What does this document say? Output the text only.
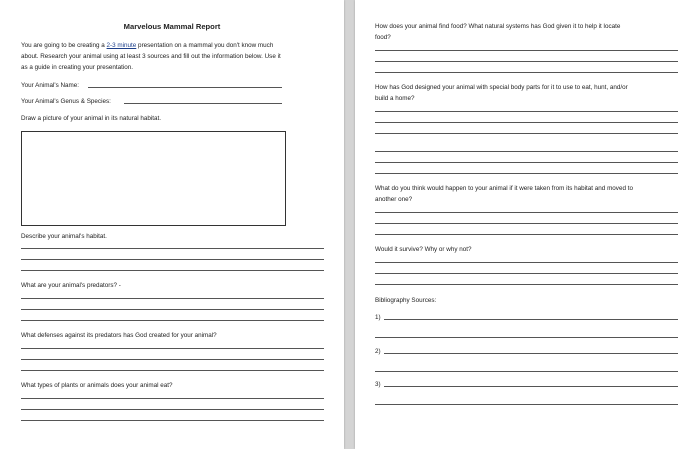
Marvelous Mammal Report
You are going to be creating a 2-3 minute presentation on a mammal you don't know much
about. Research your animal using at least 3 sources and fill out the information below. Use it
as a guide in creating your presentation.
Your Animal's Name:
Your Animal's Genus & Species:
Draw a picture of your animal in its natural habitat.
Describe your animal's habitat.
What are your animal's predators? -
What defenses against its predators has God created for your animal?
What types of plants or animals does your animal eat?
How does your animal find food? What natural systems has God given it to help it locate
food?
How has God designed your animal with special body parts for it to use to eat, hunt, and/or
build a home?
What do you think would happen to your animal if it were taken from its habitat and moved to
another one?
Would it survive? Why or why not?
Bibliography Sources:
1)
2)
3)
